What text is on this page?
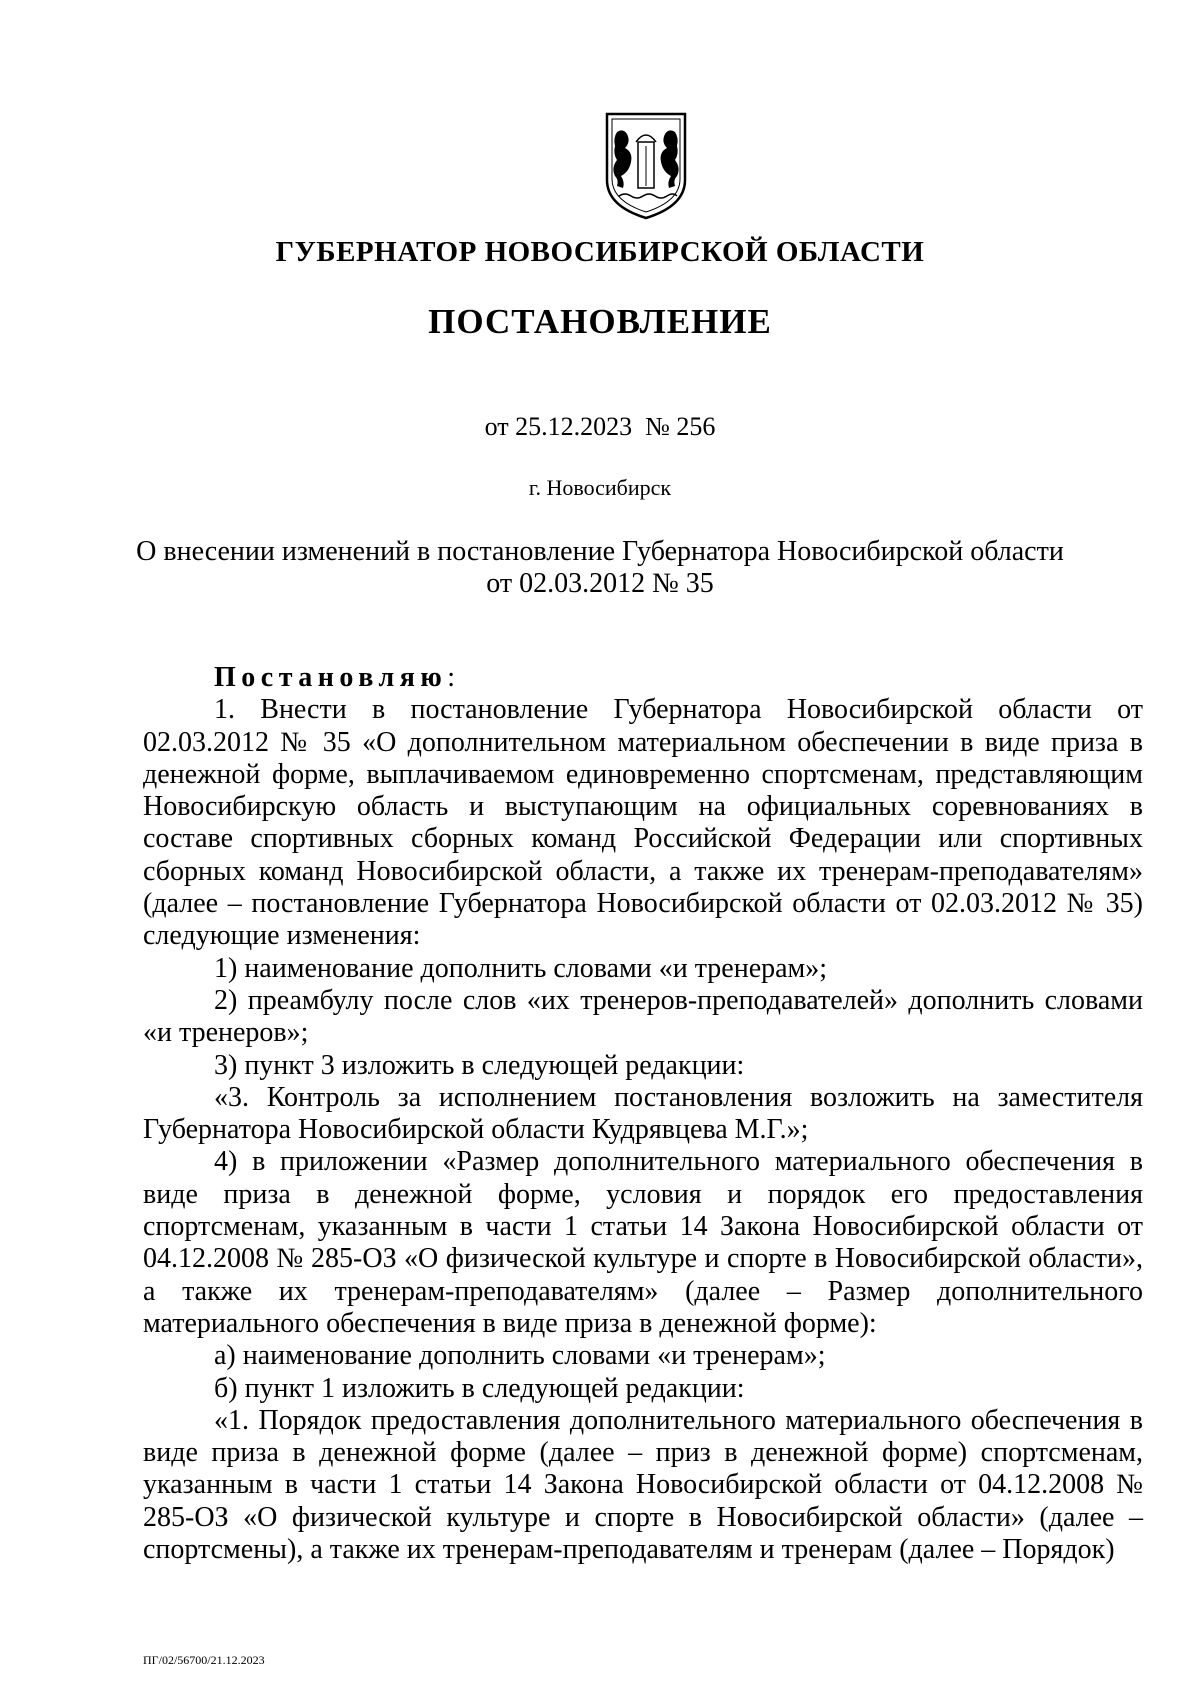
ГУБЕРНАТОР НОВОСИБИРСКОЙ ОБЛАСТИ
ПОСТАНОВЛЕНИЕ
от 25.12.2023 № 256
г. Новосибирск
О внесении изменений в постановление Губернатора Новосибирской области
от 02.03.2012 № 35

Постановляю:

1. Внести в постановление Губернатора Новосибирской области от 02.03.2012 № 35 «О дополнительном материальном обеспечении в виде приза в денежной форме, выплачиваемом единовременно спортсменам, представляющим Новосибирскую область и выступающим на официальных соревнованиях в составе спортивных сборных команд Российской Федерации или спортивных сборных команд Новосибирской области, а также их тренерам-преподавателям» (далее – постановление Губернатора Новосибирской области от 02.03.2012 № 35) следующие изменения:

1) наименование дополнить словами «и тренерам»;

2) преамбулу после слов «их тренеров-преподавателей» дополнить словами «и тренеров»;

3) пункт 3 изложить в следующей редакции:

«3. Контроль за исполнением постановления возложить на заместителя Губернатора Новосибирской области Кудрявцева М.Г.»;

4) в приложении «Размер дополнительного материального обеспечения в виде приза в денежной форме, условия и порядок его предоставления спортсменам, указанным в части 1 статьи 14 Закона Новосибирской области от 04.12.2008 № 285-ОЗ «О физической культуре и спорте в Новосибирской области», а также их тренерам-преподавателям» (далее – Размер дополнительного материального обеспечения в виде приза в денежной форме):

а) наименование дополнить словами «и тренерам»;

б) пункт 1 изложить в следующей редакции:

«1. Порядок предоставления дополнительного материального обеспечения в виде приза в денежной форме (далее – приз в денежной форме) спортсменам, указанным в части 1 статьи 14 Закона Новосибирской области от 04.12.2008 № 285-ОЗ «О физической культуре и спорте в Новосибирской области» (далее – спортсмены), а также их тренерам-преподавателям и тренерам (далее – Порядок)

ПГ/02/56700/21.12.2023
